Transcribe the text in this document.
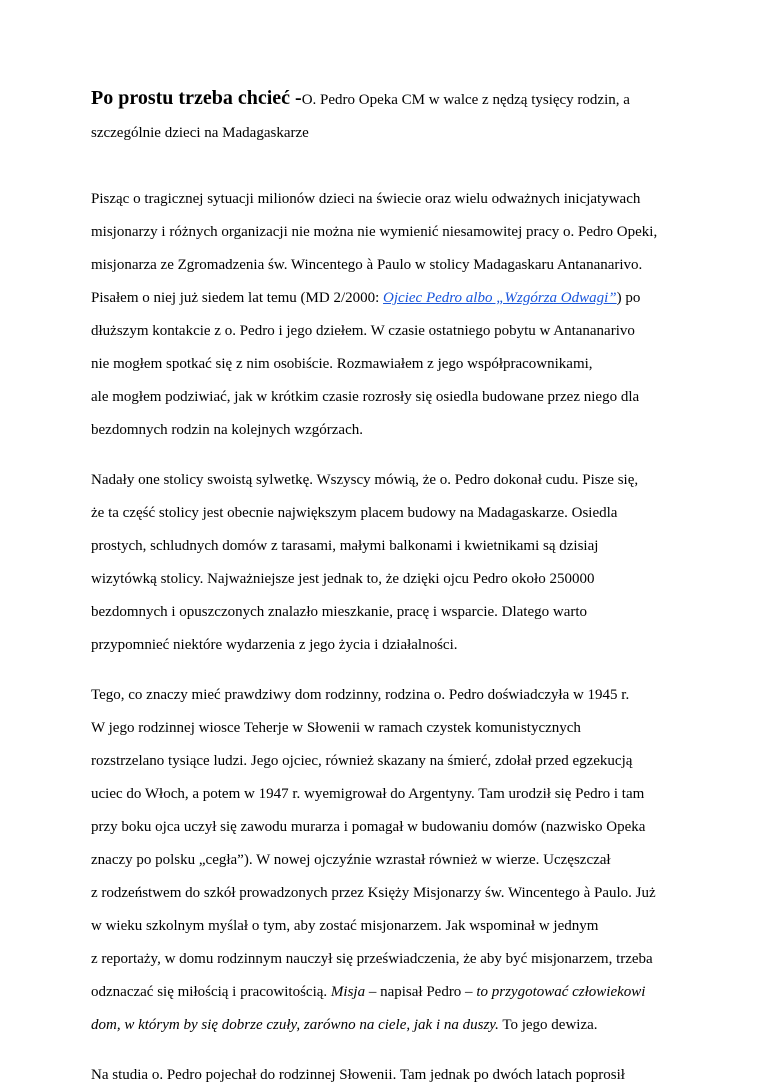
Po prostu trzeba chcieć -O. Pedro Opeka CM w walce z nędzą tysięcy rodzin, a

szczególnie dzieci na Madagaskarze

Pisząc o tragicznej sytuacji milionów dzieci na świecie oraz wielu odważnych inicjatywach
misjonarzy i różnych organizacji nie można nie wymienić niesamowitej pracy o. Pedro Opeki,
misjonarza ze Zgromadzenia św. Wincentego à Paulo w stolicy Madagaskaru Antananarivo.
Pisałem o niej już siedem lat temu (MD 2/2000: Ojciec Pedro albo „Wzgórza Odwagi”) po
dłuższym kontakcie z o. Pedro i jego dziełem. W czasie ostatniego pobytu w Antananarivo
nie mogłem spotkać się z nim osobiście. Rozmawiałem z jego współpracownikami,
ale mogłem podziwiać, jak w krótkim czasie rozrosły się osiedla budowane przez niego dla
bezdomnych rodzin na kolejnych wzgórzach.
Nadały one stolicy swoistą sylwetkę. Wszyscy mówią, że o. Pedro dokonał cudu. Pisze się,
że ta część stolicy jest obecnie największym placem budowy na Madagaskarze. Osiedla
prostych, schludnych domów z tarasami, małymi balkonami i kwietnikami są dzisiaj
wizytówką stolicy. Najważniejsze jest jednak to, że dzięki ojcu Pedro około 250000
bezdomnych i opuszczonych znalazło mieszkanie, pracę i wsparcie. Dlatego warto
przypomnieć niektóre wydarzenia z jego życia i działalności.
Tego, co znaczy mieć prawdziwy dom rodzinny, rodzina o. Pedro doświadczyła w 1945 r.
W jego rodzinnej wiosce Teherje w Słowenii w ramach czystek komunistycznych
rozstrzelano tysiące ludzi. Jego ojciec, również skazany na śmierć, zdołał przed egzekucją
uciec do Włoch, a potem w 1947 r. wyemigrował do Argentyny. Tam urodził się Pedro i tam
przy boku ojca uczył się zawodu murarza i pomagał w budowaniu domów (nazwisko Opeka
znaczy po polsku „cegła”). W nowej ojczyźnie wzrastał również w wierze. Uczęszczał
z rodzeństwem do szkół prowadzonych przez Księży Misjonarzy św. Wincentego à Paulo. Już
w wieku szkolnym myślał o tym, aby zostać misjonarzem. Jak wspominał w jednym
z reportaży, w domu rodzinnym nauczył się przeświadczenia, że aby być misjonarzem, trzeba
odznaczać się miłością i pracowitością. Misja – napisał Pedro – to przygotować człowiekowi
dom, w którym by się dobrze czuły, zarówno na ciele, jak i na duszy. To jego dewiza.
Na studia o. Pedro pojechał do rodzinnej Słowenii. Tam jednak po dwóch latach poprosił
